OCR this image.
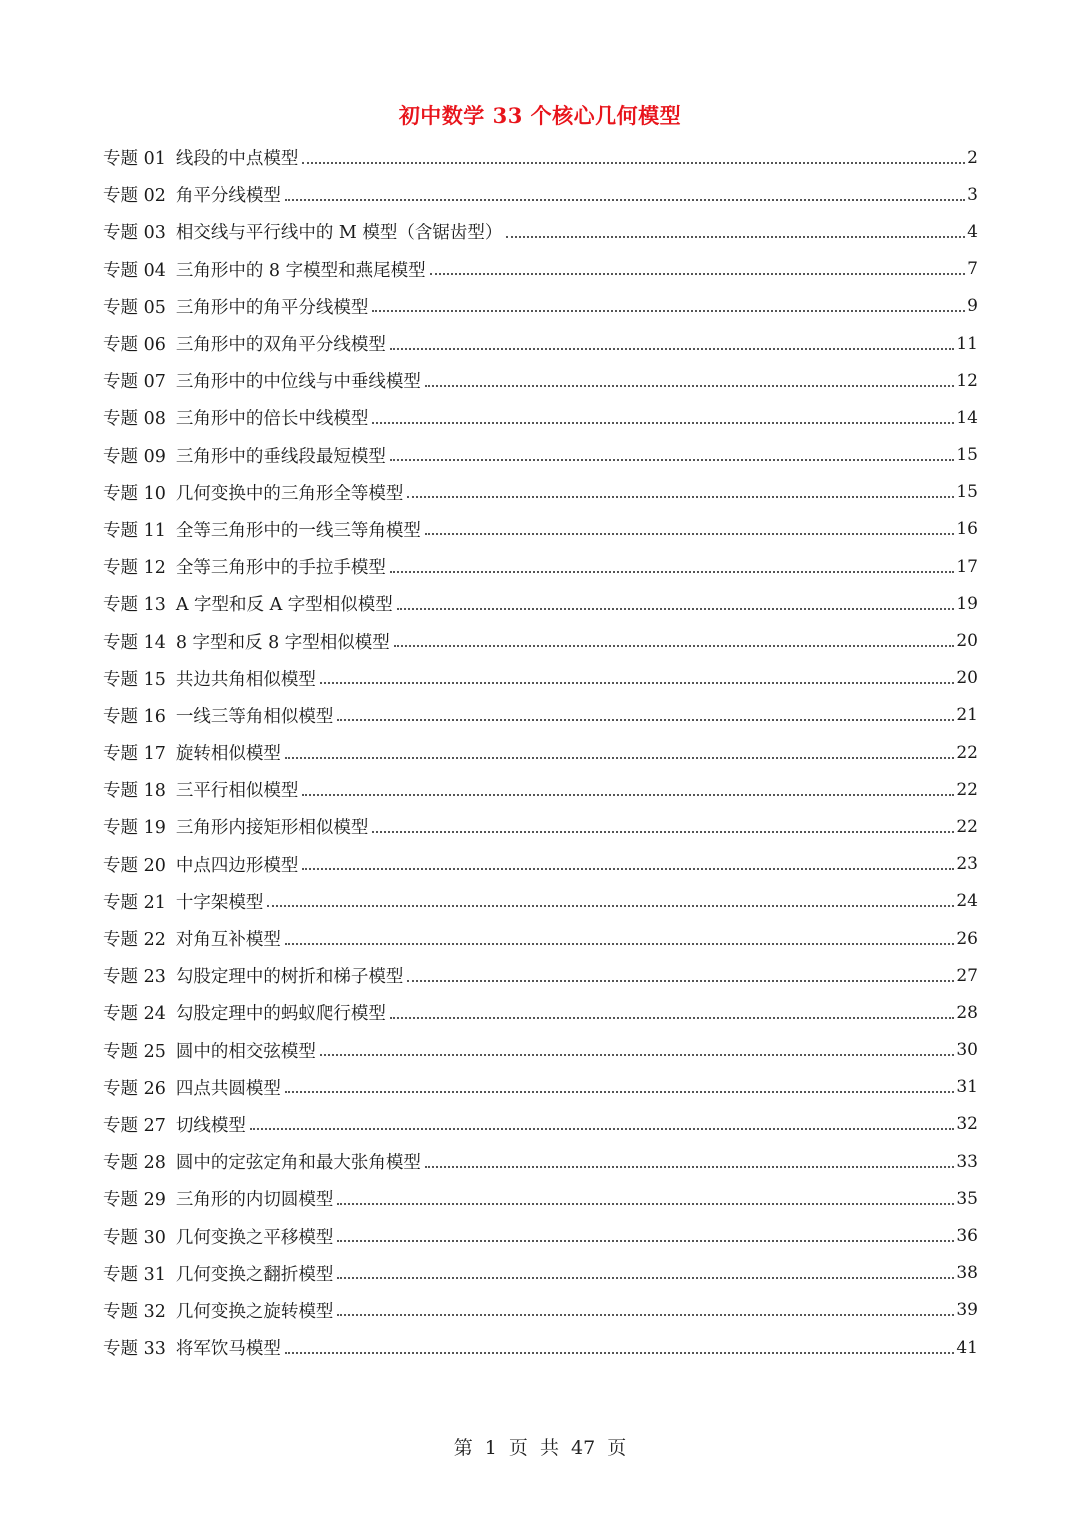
初中数学 33 个核心几何模型
专题 01 线段的中点模型	2
专题 02 角平分线模型	3
专题 03 相交线与平行线中的 M 模型（含锯齿型）	4
专题 04 三角形中的 8 字模型和燕尾模型	7
专题 05 三角形中的角平分线模型	9
专题 06 三角形中的双角平分线模型	11
专题 07 三角形中的中位线与中垂线模型	12
专题 08 三角形中的倍长中线模型	14
专题 09 三角形中的垂线段最短模型	15
专题 10 几何变换中的三角形全等模型	15
专题 11 全等三角形中的一线三等角模型	16
专题 12 全等三角形中的手拉手模型	17
专题 13 A 字型和反 A 字型相似模型	19
专题 14 8 字型和反 8 字型相似模型	20
专题 15 共边共角相似模型	20
专题 16 一线三等角相似模型	21
专题 17 旋转相似模型	22
专题 18 三平行相似模型	22
专题 19 三角形内接矩形相似模型	22
专题 20 中点四边形模型	23
专题 21 十字架模型	24
专题 22 对角互补模型	26
专题 23 勾股定理中的树折和梯子模型	27
专题 24 勾股定理中的蚂蚁爬行模型	28
专题 25 圆中的相交弦模型	30
专题 26 四点共圆模型	31
专题 27 切线模型	32
专题 28 圆中的定弦定角和最大张角模型	33
专题 29 三角形的内切圆模型	35
专题 30 几何变换之平移模型	36
专题 31 几何变换之翻折模型	38
专题 32 几何变换之旋转模型	39
专题 33 将军饮马模型	41
第 1 页 共 47 页
